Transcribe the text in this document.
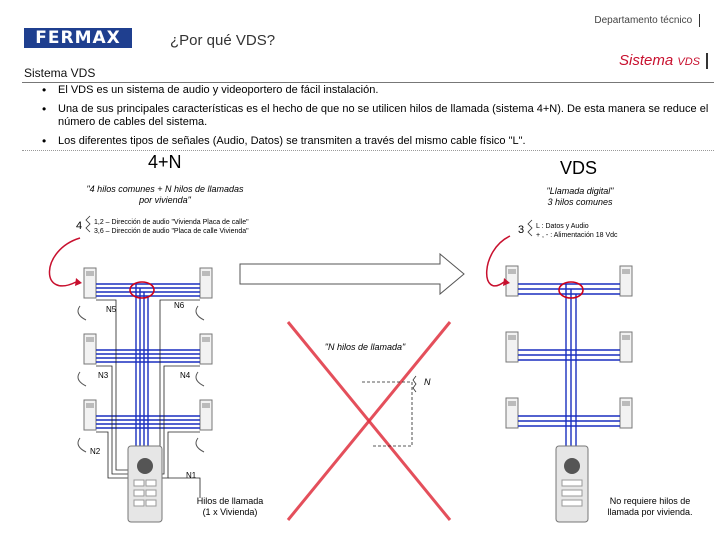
FERMAX	¿Por qué VDS?
Departamento técnico
Sistema VDS
Sistema VDS
• El VDS es un sistema de audio y videoportero de fácil instalación.
• Una de sus principales características es el hecho de que no se utilicen hilos de llamada (sistema 4+N). De esta manera se reduce el número de cables del sistema.
• Los diferentes tipos de señales (Audio, Datos) se transmiten a través del mismo cable físico "L".
4+N	VDS
"4 hilos comunes + N hilos de llamadas
por vivienda"
"Llamada digital"
3 hilos comunes
4 1,2 – Dirección de audio "Vivienda Placa de calle"
3,6 – Dirección de audio "Placa de calle Vivienda"	3 L : Datos y Audio
+ , - : Alimentación 18 Vdc
N5	N6
N3	N4
N2
N1
"N hilos de llamada"
N
Hilos de llamada
(1 x Vivienda)
No requiere hilos de
llamada por vivienda.
